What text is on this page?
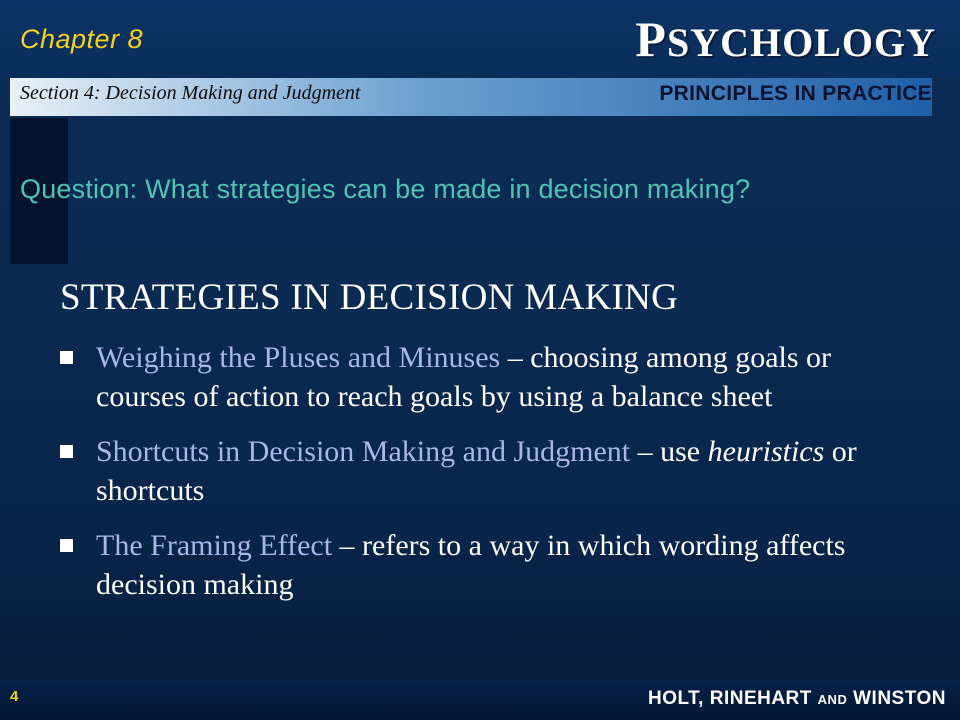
Chapter 8	PSYCHOLOGY
Section 4: Decision Making and Judgment	PRINCIPLES IN PRACTICE
Question: What strategies can be made in decision making?
STRATEGIES IN DECISION MAKING
Weighing the Pluses and Minuses – choosing among goals or courses of action to reach goals by using a balance sheet
Shortcuts in Decision Making and Judgment – use heuristics or shortcuts
The Framing Effect – refers to a way in which wording affects decision making
4	HOLT, RINEHART AND WINSTON
